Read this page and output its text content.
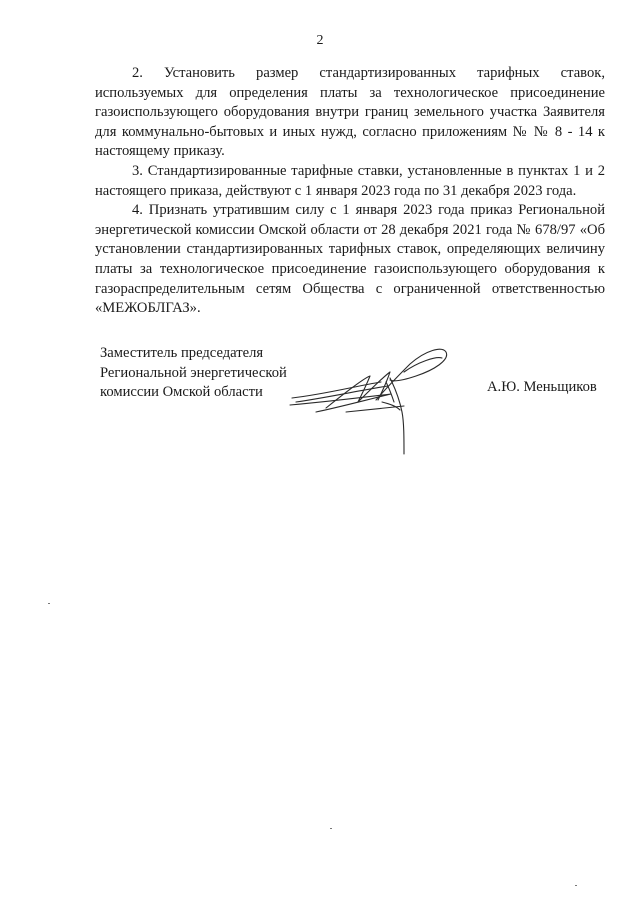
2

2. Установить размер стандартизированных тарифных ставок, используемых для определения платы за технологическое присоединение газоиспользующего оборудования внутри границ земельного участка Заявителя для коммунально-бытовых и иных нужд, согласно приложениям № № 8 - 14 к настоящему приказу.

3. Стандартизированные тарифные ставки, установленные в пунктах 1 и 2 настоящего приказа, действуют с 1 января 2023 года по 31 декабря 2023 года.

4. Признать утратившим силу с 1 января 2023 года приказ Региональной энергетической комиссии Омской области от 28 декабря 2021 года № 678/97 «Об установлении стандартизированных тарифных ставок, определяющих величину платы за технологическое присоединение газоиспользующего оборудования к газораспределительным сетям Общества с ограниченной ответственностью «МЕЖОБЛГАЗ».

Заместитель председателя
Региональной энергетической
комиссии Омской области	А.Ю. Меньщиков
